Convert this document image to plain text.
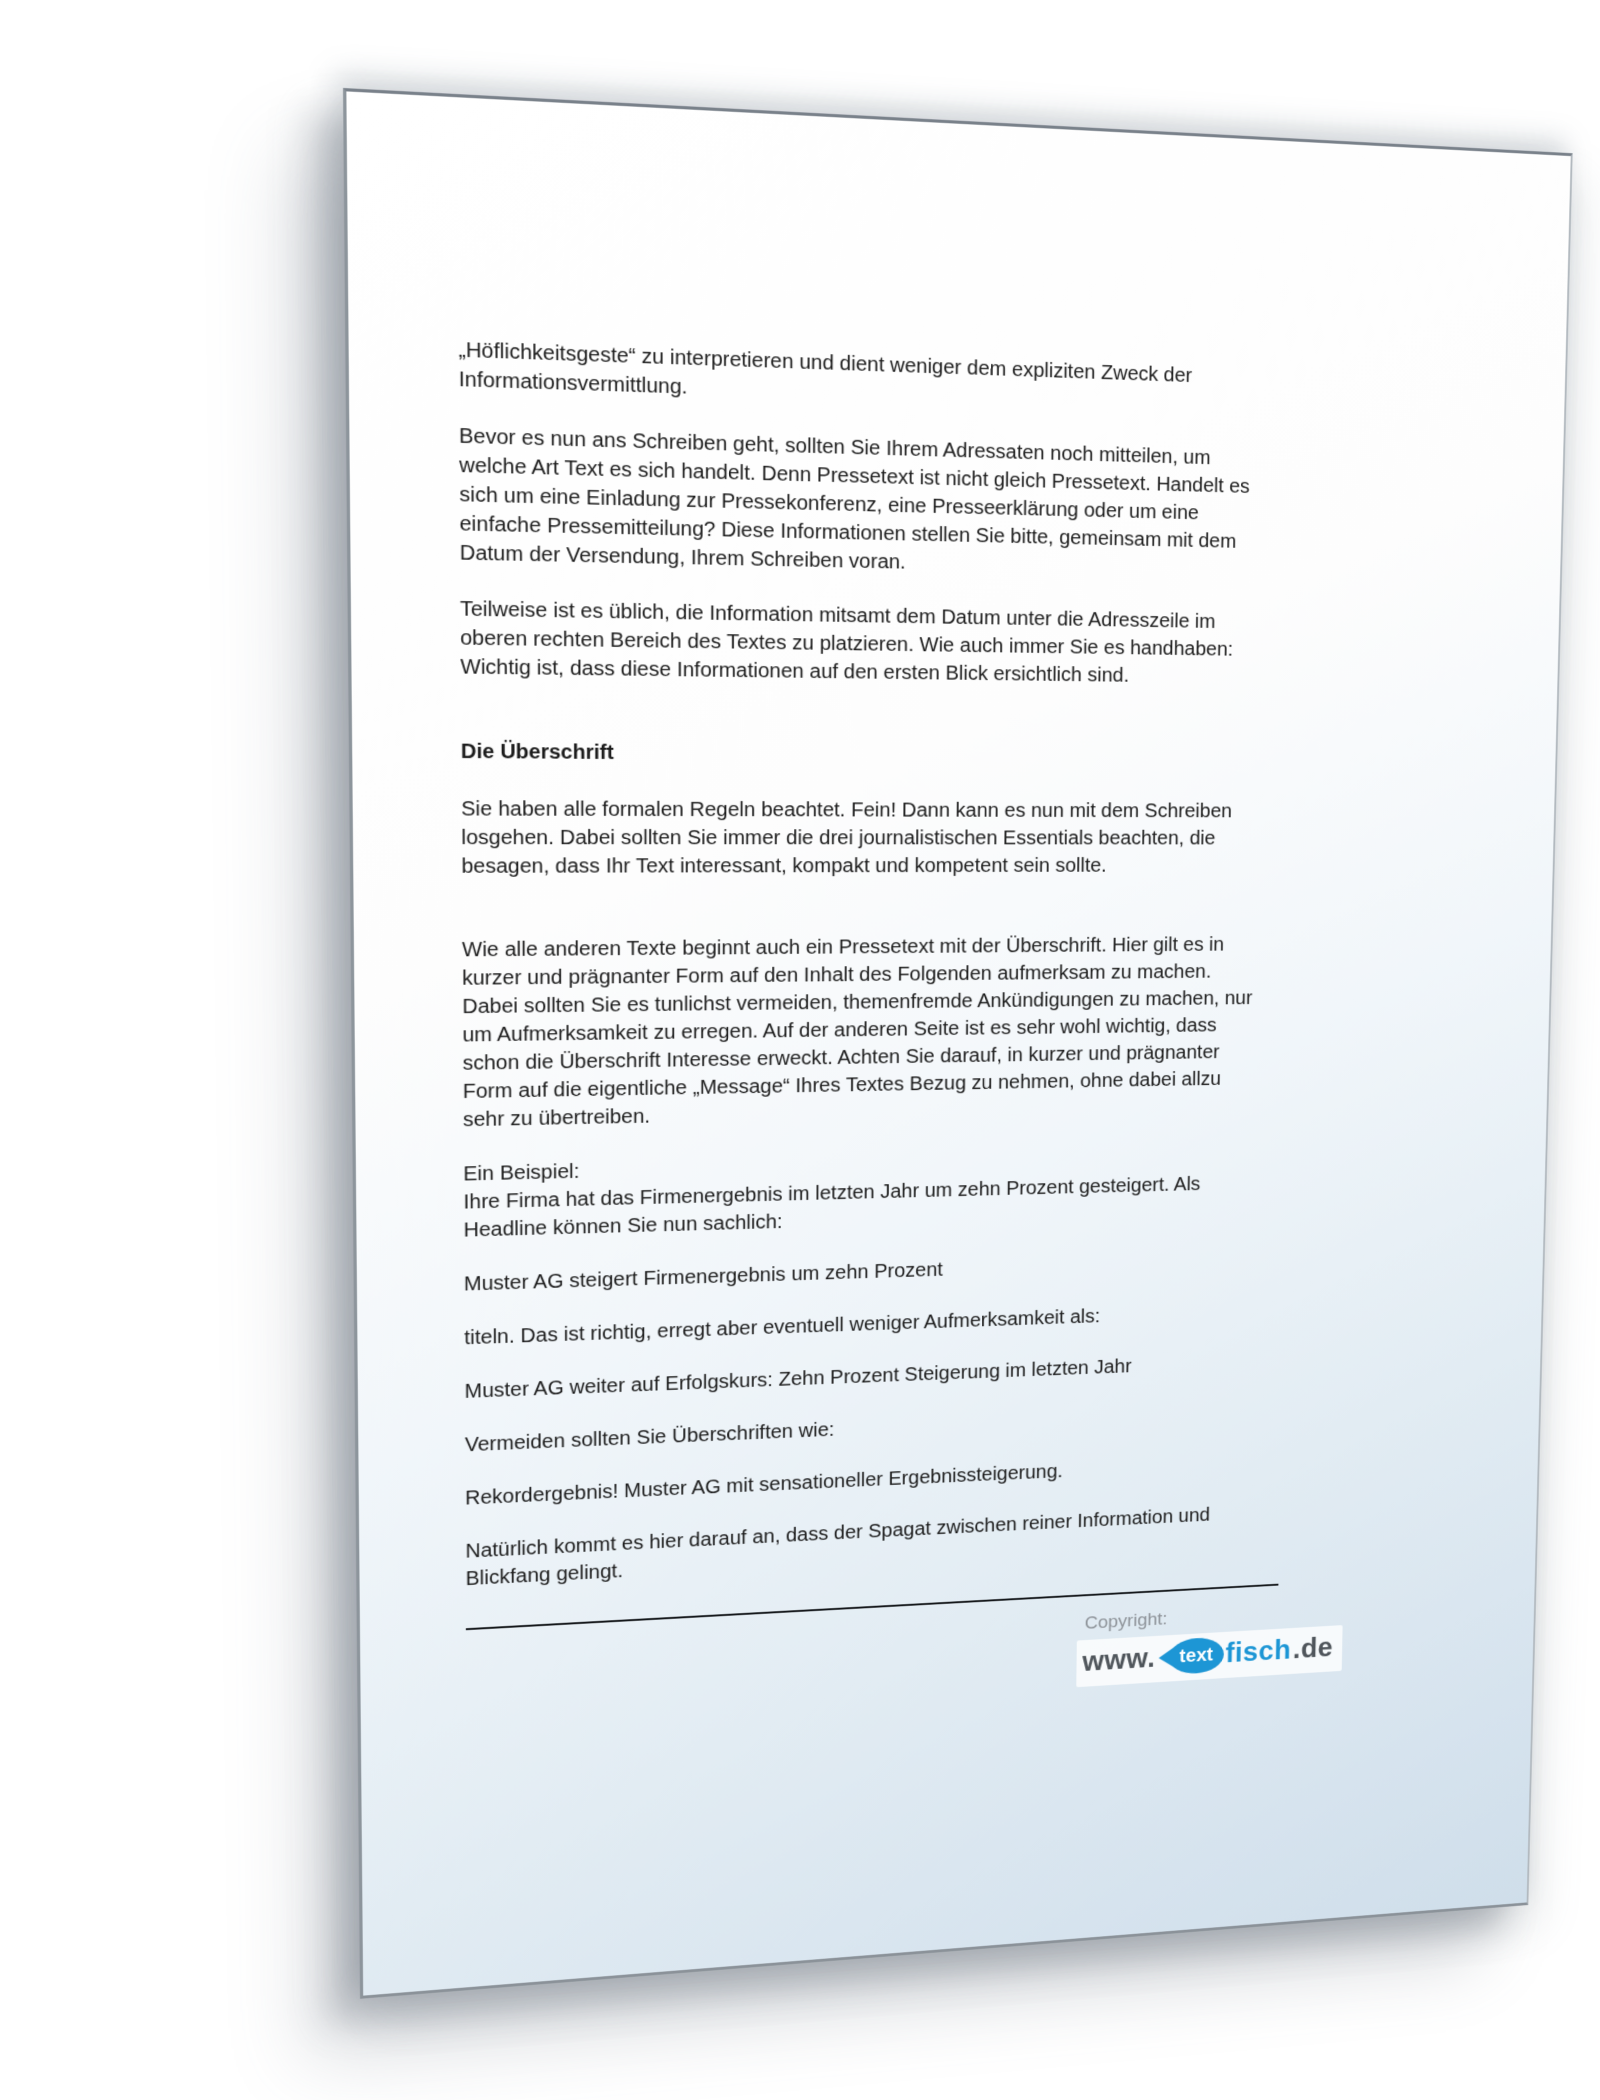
„Höflichkeitsgeste“ zu interpretieren und dient weniger dem expliziten Zweck der
Informationsvermittlung.

Bevor es nun ans Schreiben geht, sollten Sie Ihrem Adressaten noch mitteilen, um
welche Art Text es sich handelt. Denn Pressetext ist nicht gleich Pressetext. Handelt es
sich um eine Einladung zur Pressekonferenz, eine Presseerklärung oder um eine
einfache Pressemitteilung? Diese Informationen stellen Sie bitte, gemeinsam mit dem
Datum der Versendung, Ihrem Schreiben voran.

Teilweise ist es üblich, die Information mitsamt dem Datum unter die Adresszeile im
oberen rechten Bereich des Textes zu platzieren. Wie auch immer Sie es handhaben:
Wichtig ist, dass diese Informationen auf den ersten Blick ersichtlich sind.

Die Überschrift

Sie haben alle formalen Regeln beachtet. Fein! Dann kann es nun mit dem Schreiben
losgehen. Dabei sollten Sie immer die drei journalistischen Essentials beachten, die
besagen, dass Ihr Text interessant, kompakt und kompetent sein sollte.

Wie alle anderen Texte beginnt auch ein Pressetext mit der Überschrift. Hier gilt es in
kurzer und prägnanter Form auf den Inhalt des Folgenden aufmerksam zu machen.
Dabei sollten Sie es tunlichst vermeiden, themenfremde Ankündigungen zu machen, nur
um Aufmerksamkeit zu erregen. Auf der anderen Seite ist es sehr wohl wichtig, dass
schon die Überschrift Interesse erweckt. Achten Sie darauf, in kurzer und prägnanter
Form auf die eigentliche „Message“ Ihres Textes Bezug zu nehmen, ohne dabei allzu
sehr zu übertreiben.

Ein Beispiel:
Ihre Firma hat das Firmenergebnis im letzten Jahr um zehn Prozent gesteigert. Als
Headline können Sie nun sachlich:

Muster AG steigert Firmenergebnis um zehn Prozent

titeln. Das ist richtig, erregt aber eventuell weniger Aufmerksamkeit als:

Muster AG weiter auf Erfolgskurs: Zehn Prozent Steigerung im letzten Jahr

Vermeiden sollten Sie Überschriften wie:

Rekordergebnis! Muster AG mit sensationeller Ergebnissteigerung.

Natürlich kommt es hier darauf an, dass der Spagat zwischen reiner Information und
Blickfang gelingt.

Copyright:
www.	text fisch .de
